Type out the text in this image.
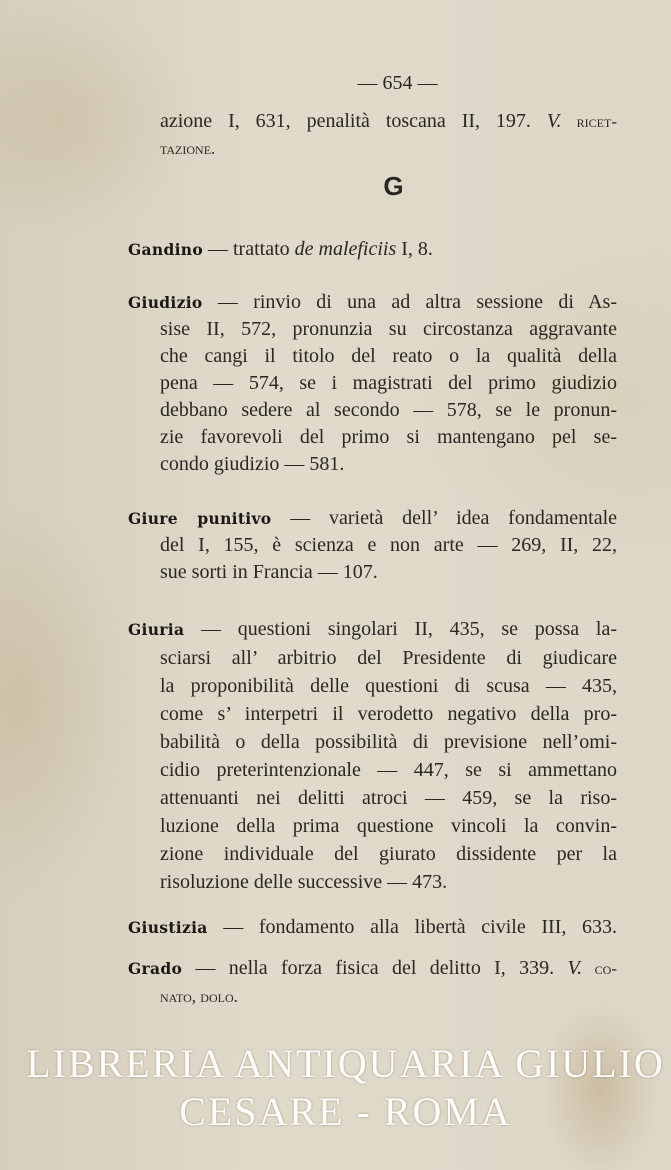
— 654 —
azione I, 631, penalità toscana II, 197. V. ricet-
tazione.
G
Gandino — trattato de maleficiis I, 8.
Giudizio — rinvio di una ad altra sessione di As-
sise II, 572, pronunzia su circostanza aggravante
che cangi il titolo del reato o la qualità della
pena — 574, se i magistrati del primo giudizio
debbano sedere al secondo — 578, se le pronun-
zie favorevoli del primo si mantengano pel se-
condo giudizio — 581.
Giure punitivo — varietà dell’ idea fondamentale
del I, 155, è scienza e non arte — 269, II, 22,
sue sorti in Francia — 107.
Giuria — questioni singolari II, 435, se possa la-
sciarsi all’ arbitrio del Presidente di giudicare
la proponibilità delle questioni di scusa — 435,
come s’ interpetri il verodetto negativo della pro-
babilità o della possibilità di previsione nell’omi-
cidio preterintenzionale — 447, se si ammettano
attenuanti nei delitti atroci — 459, se la riso-
luzione della prima questione vincoli la convin-
zione individuale del giurato dissidente per la
risoluzione delle successive — 473.
Giustizia — fondamento alla libertà civile III, 633.
Grado — nella forza fisica del delitto I, 339. V. co-
nato, dolo.
LIBRERIA ANTIQUARIA GIULIO CESARE - ROMA
